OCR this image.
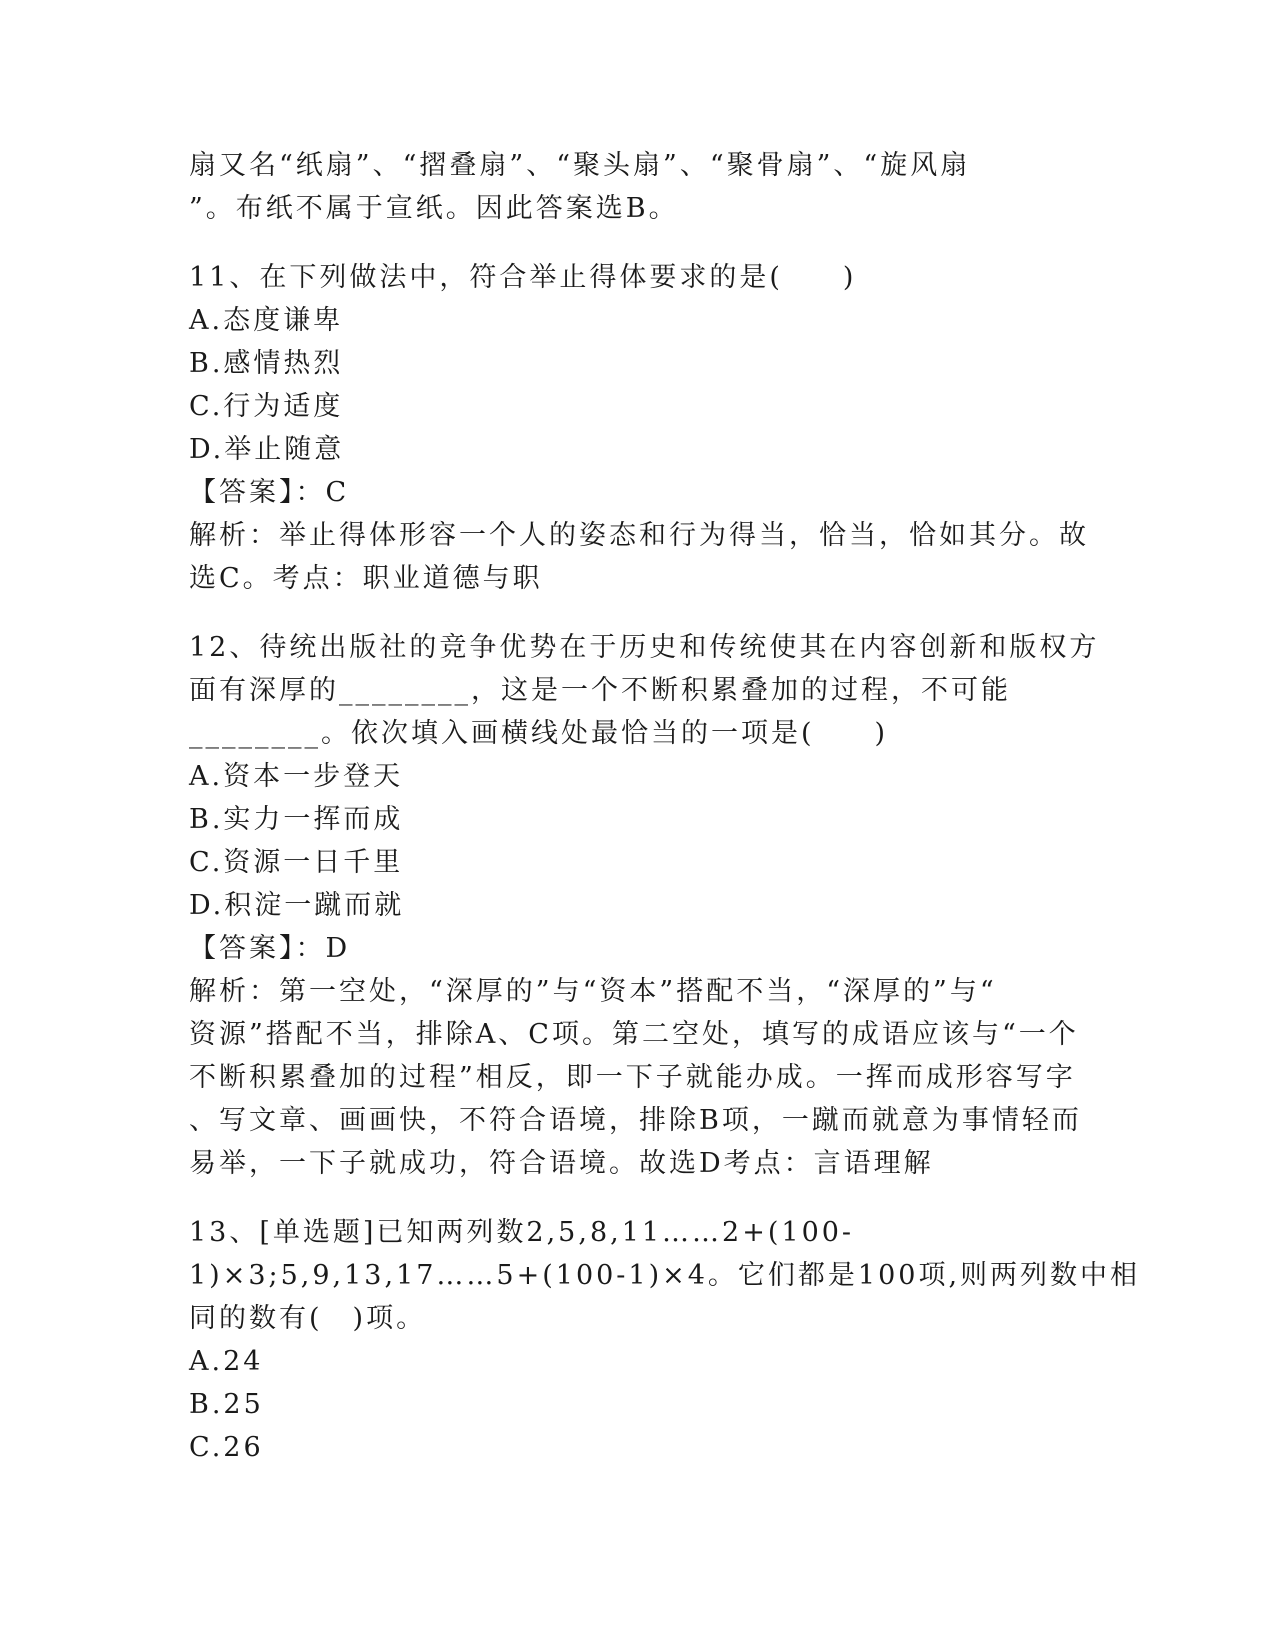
扇又名“纸扇”、“摺叠扇”、“聚头扇”、“聚骨扇”、“旋风扇

”。布纸不属于宣纸。因此答案选B。

11、在下列做法中，符合举止得体要求的是(　　)

A.态度谦卑

B.感情热烈

C.行为适度

D.举止随意

【答案】：C

解析：举止得体形容一个人的姿态和行为得当，恰当，恰如其分。故

选C。考点：职业道德与职

12、待统出版社的竞争优势在于历史和传统使其在内容创新和版权方

面有深厚的________，这是一个不断积累叠加的过程，不可能

________。依次填入画横线处最恰当的一项是(　　)

A.资本一步登天

B.实力一挥而成

C.资源一日千里

D.积淀一蹴而就

【答案】：D

解析：第一空处，“深厚的”与“资本”搭配不当，“深厚的”与“

资源”搭配不当，排除A、C项。第二空处，填写的成语应该与“一个

不断积累叠加的过程”相反，即一下子就能办成。一挥而成形容写字

、写文章、画画快，不符合语境，排除B项，一蹴而就意为事情轻而

易举，一下子就成功，符合语境。故选D考点：言语理解

13、[单选题]已知两列数2,5,8,11……2+(100-

1)×3;5,9,13,17……5+(100-1)×4。它们都是100项,则两列数中相

同的数有(　)项。

A.24

B.25

C.26
